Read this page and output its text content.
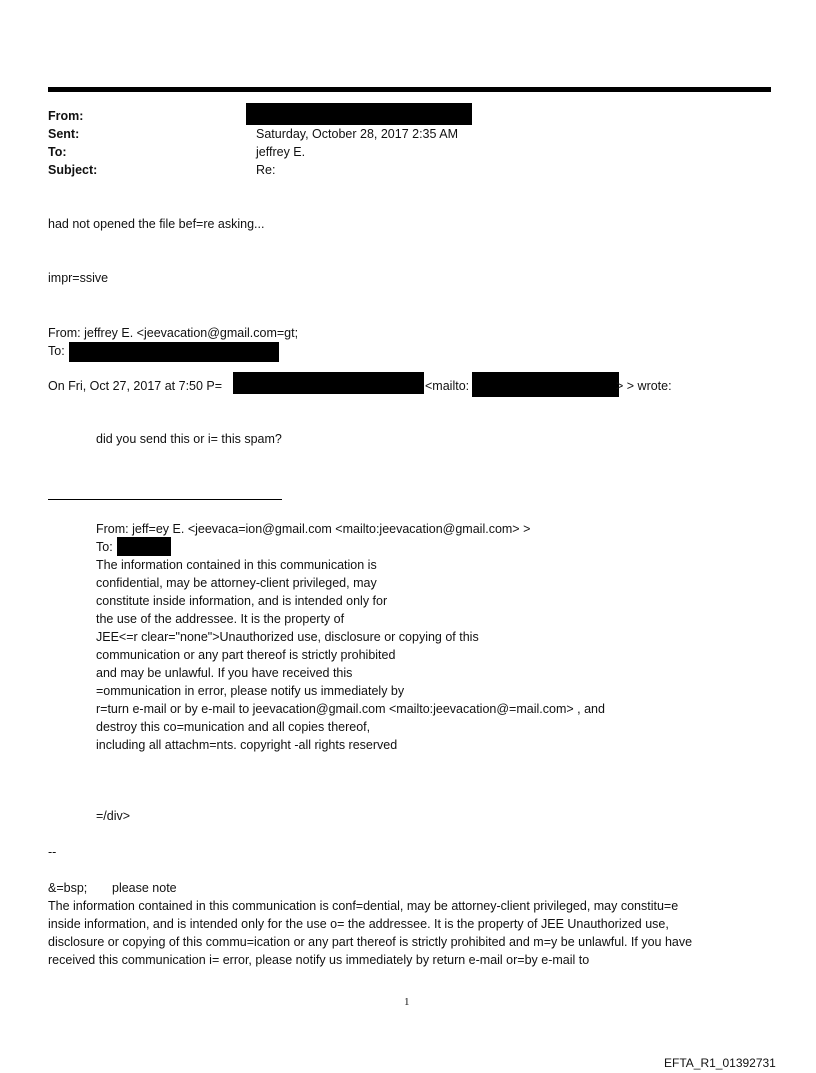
From:
Sent:	Saturday, October 28, 2017 2:35 AM
To:	jeffrey E.
Subject:	Re:
had not opened the file bef=re asking...
impr=ssive
From: jeffrey E. <jeevacation@gmail.com=gt;
To:
On Fri, Oct 27, 2017 at 7:50 P=	<mailto:	> > wrote:
did you send this or i= this spam?
From: jeff=ey E. <jeevaca=ion@gmail.com <mailto:jeevacation@gmail.com> >
To:
The information contained in this communication is
confidential, may be attorney-client privileged, may
constitute inside information, and is intended only for
the use of the addressee. It is the property of
JEE<=r clear="none">Unauthorized use, disclosure or copying of this
communication or any part thereof is strictly prohibited
and may be unlawful. If you have received this
=ommunication in error, please notify us immediately by
r=turn e-mail or by e-mail to jeevacation@gmail.com <mailto:jeevacation@=mail.com> , and
destroy this co=munication and all copies thereof,
including all attachm=nts. copyright -all rights reserved
=/div>
--
&=bsp; please note
The information contained in this communication is conf=dential, may be attorney-client privileged, may constitu=e
inside information, and is intended only for the use o= the addressee. It is the property of JEE Unauthorized use,
disclosure or copying of this commu=ication or any part thereof is strictly prohibited and m=y be unlawful. If you have
received this communication i= error, please notify us immediately by return e-mail or=by e-mail to
1
EFTA_R1_01392731
